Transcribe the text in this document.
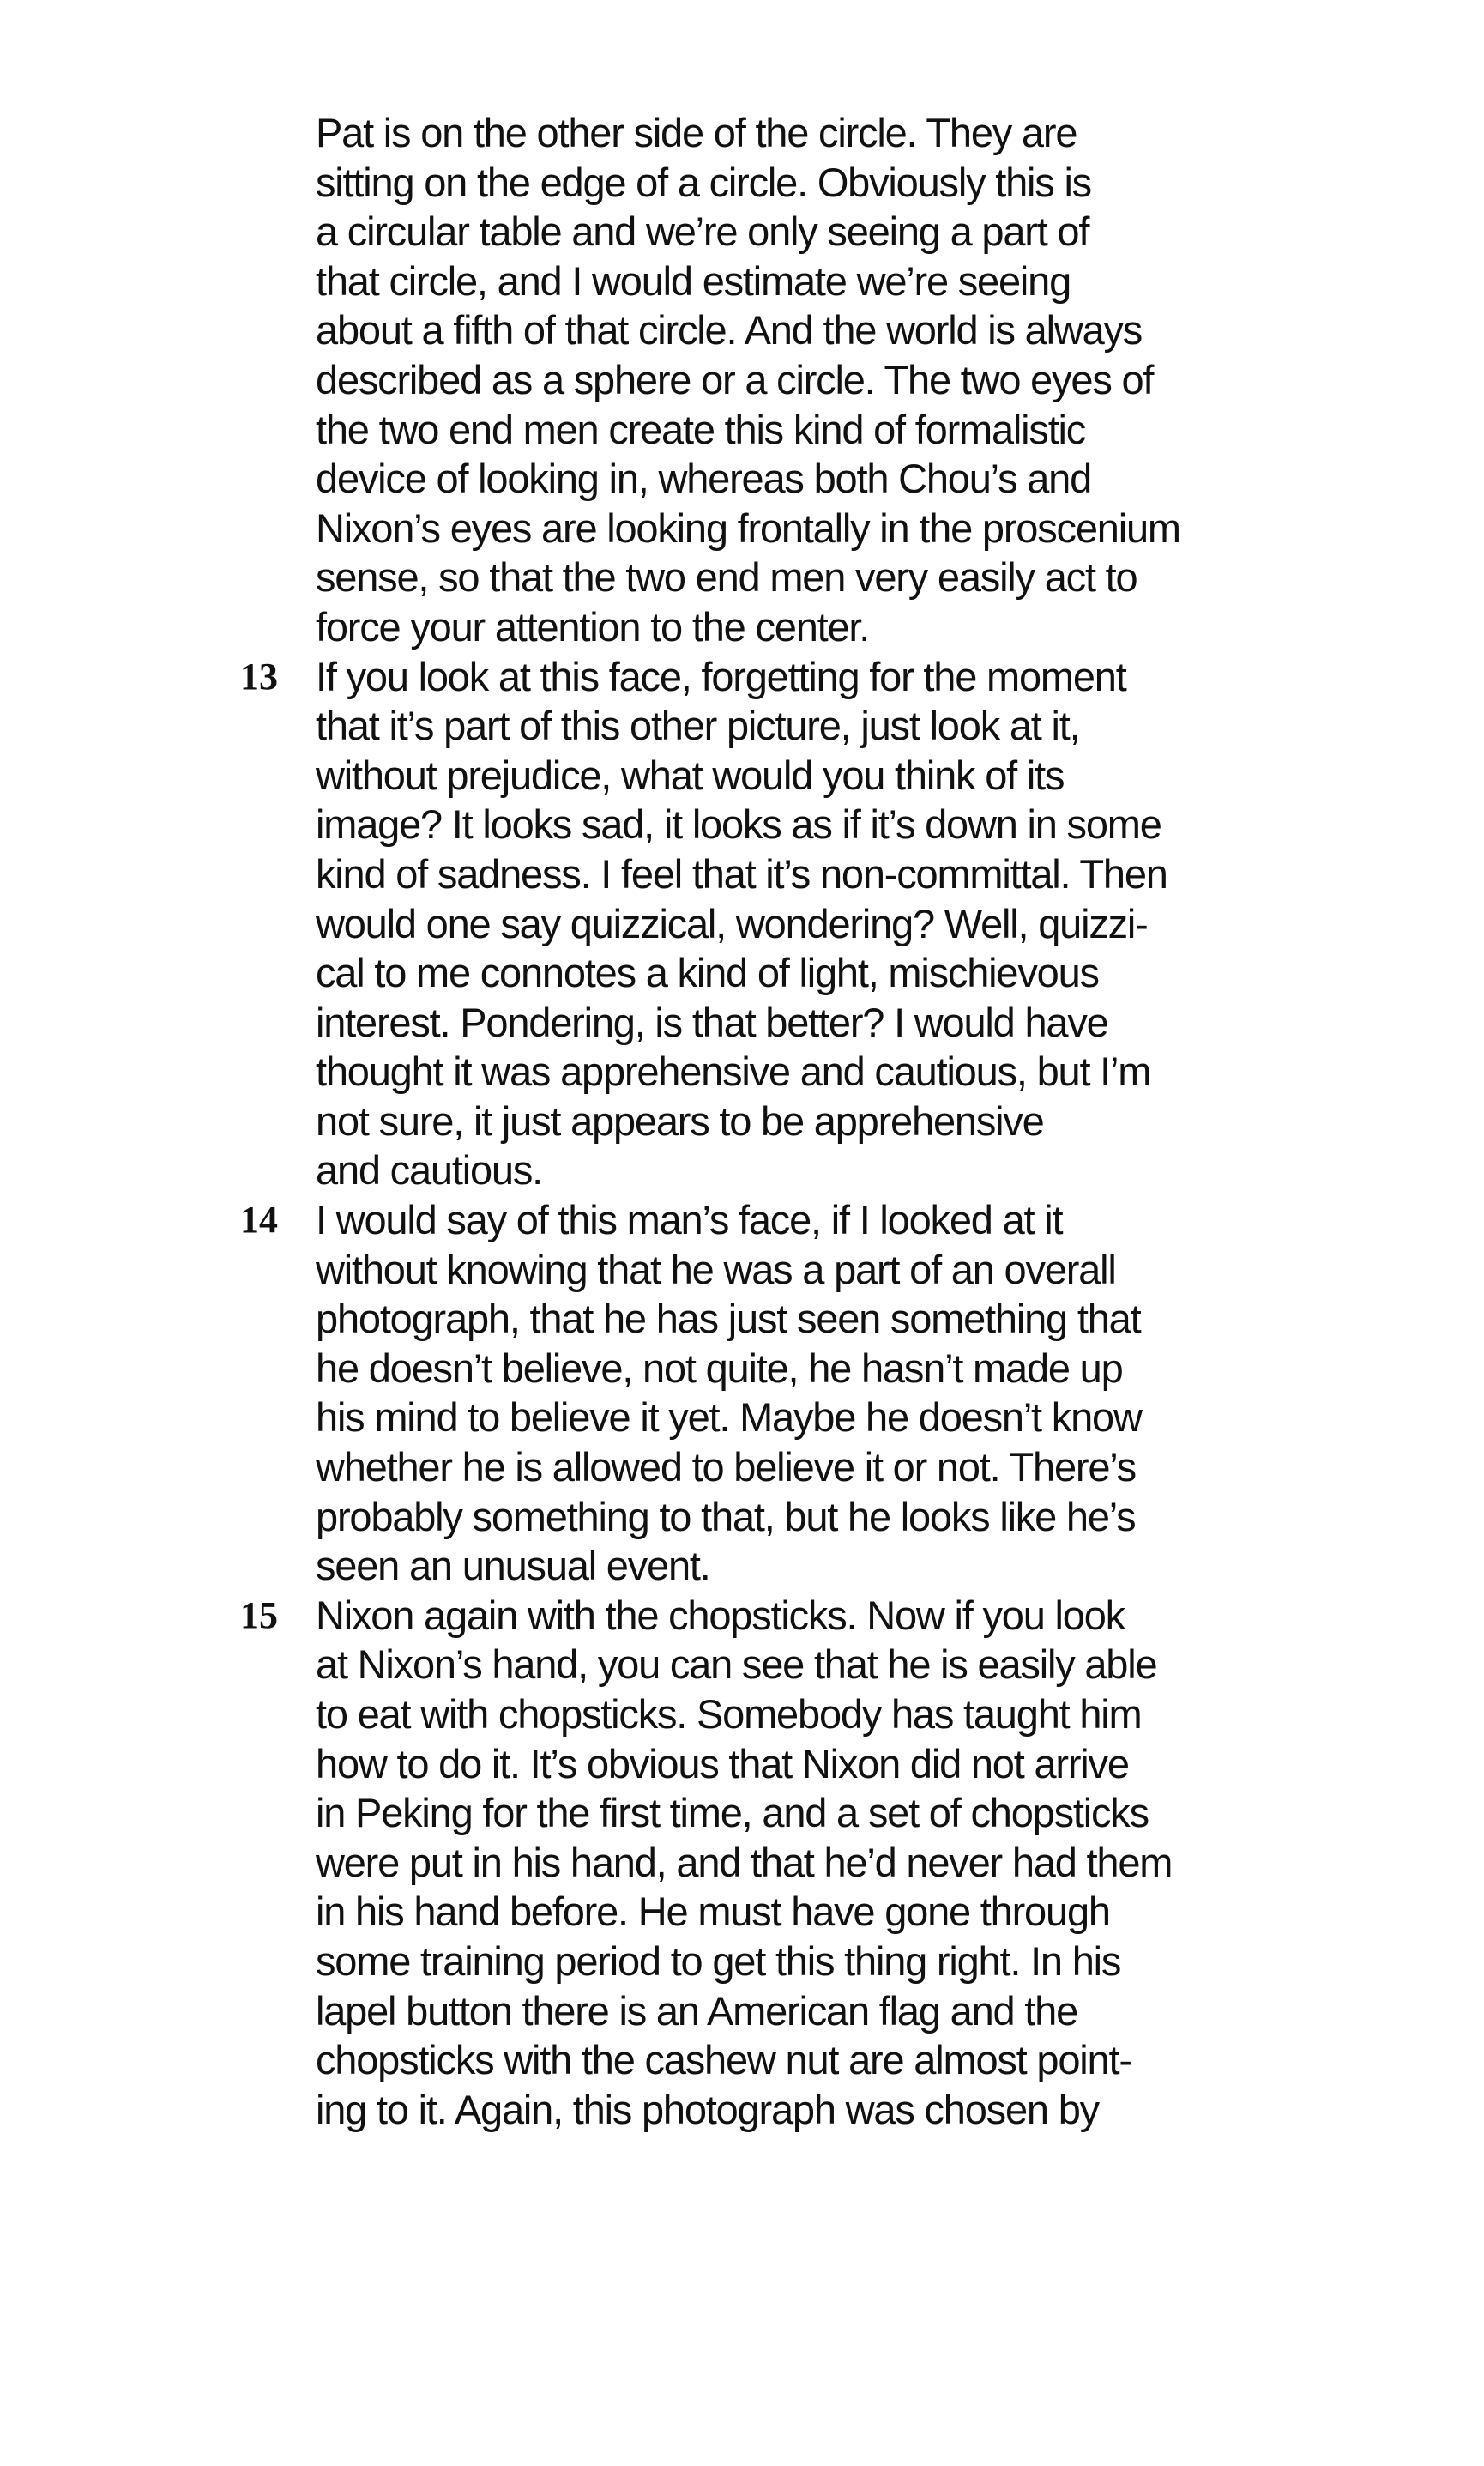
Pat is on the other side of the circle. They are
sitting on the edge of a circle. Obviously this is
a circular table and we’re only seeing a part of
that circle, and I would estimate we’re seeing
about a fifth of that circle. And the world is always
described as a sphere or a circle. The two eyes of
the two end men create this kind of formalistic
device of looking in, whereas both Chou’s and
Nixon’s eyes are looking frontally in the proscenium
sense, so that the two end men very easily act to
force your attention to the center.
13 If you look at this face, forgetting for the moment
that it’s part of this other picture, just look at it,
without prejudice, what would you think of its
image? It looks sad, it looks as if it’s down in some
kind of sadness. I feel that it’s non-committal. Then
would one say quizzical, wondering? Well, quizzi-
cal to me connotes a kind of light, mischievous
interest. Pondering, is that better? I would have
thought it was apprehensive and cautious, but I’m
not sure, it just appears to be apprehensive
and cautious.
14 I would say of this man’s face, if I looked at it
without knowing that he was a part of an overall
photograph, that he has just seen something that
he doesn’t believe, not quite, he hasn’t made up
his mind to believe it yet. Maybe he doesn’t know
whether he is allowed to believe it or not. There’s
probably something to that, but he looks like he’s
seen an unusual event.
15 Nixon again with the chopsticks. Now if you look
at Nixon’s hand, you can see that he is easily able
to eat with chopsticks. Somebody has taught him
how to do it. It’s obvious that Nixon did not arrive
in Peking for the first time, and a set of chopsticks
were put in his hand, and that he’d never had them
in his hand before. He must have gone through
some training period to get this thing right. In his
lapel button there is an American flag and the
chopsticks with the cashew nut are almost point-
ing to it. Again, this photograph was chosen by
